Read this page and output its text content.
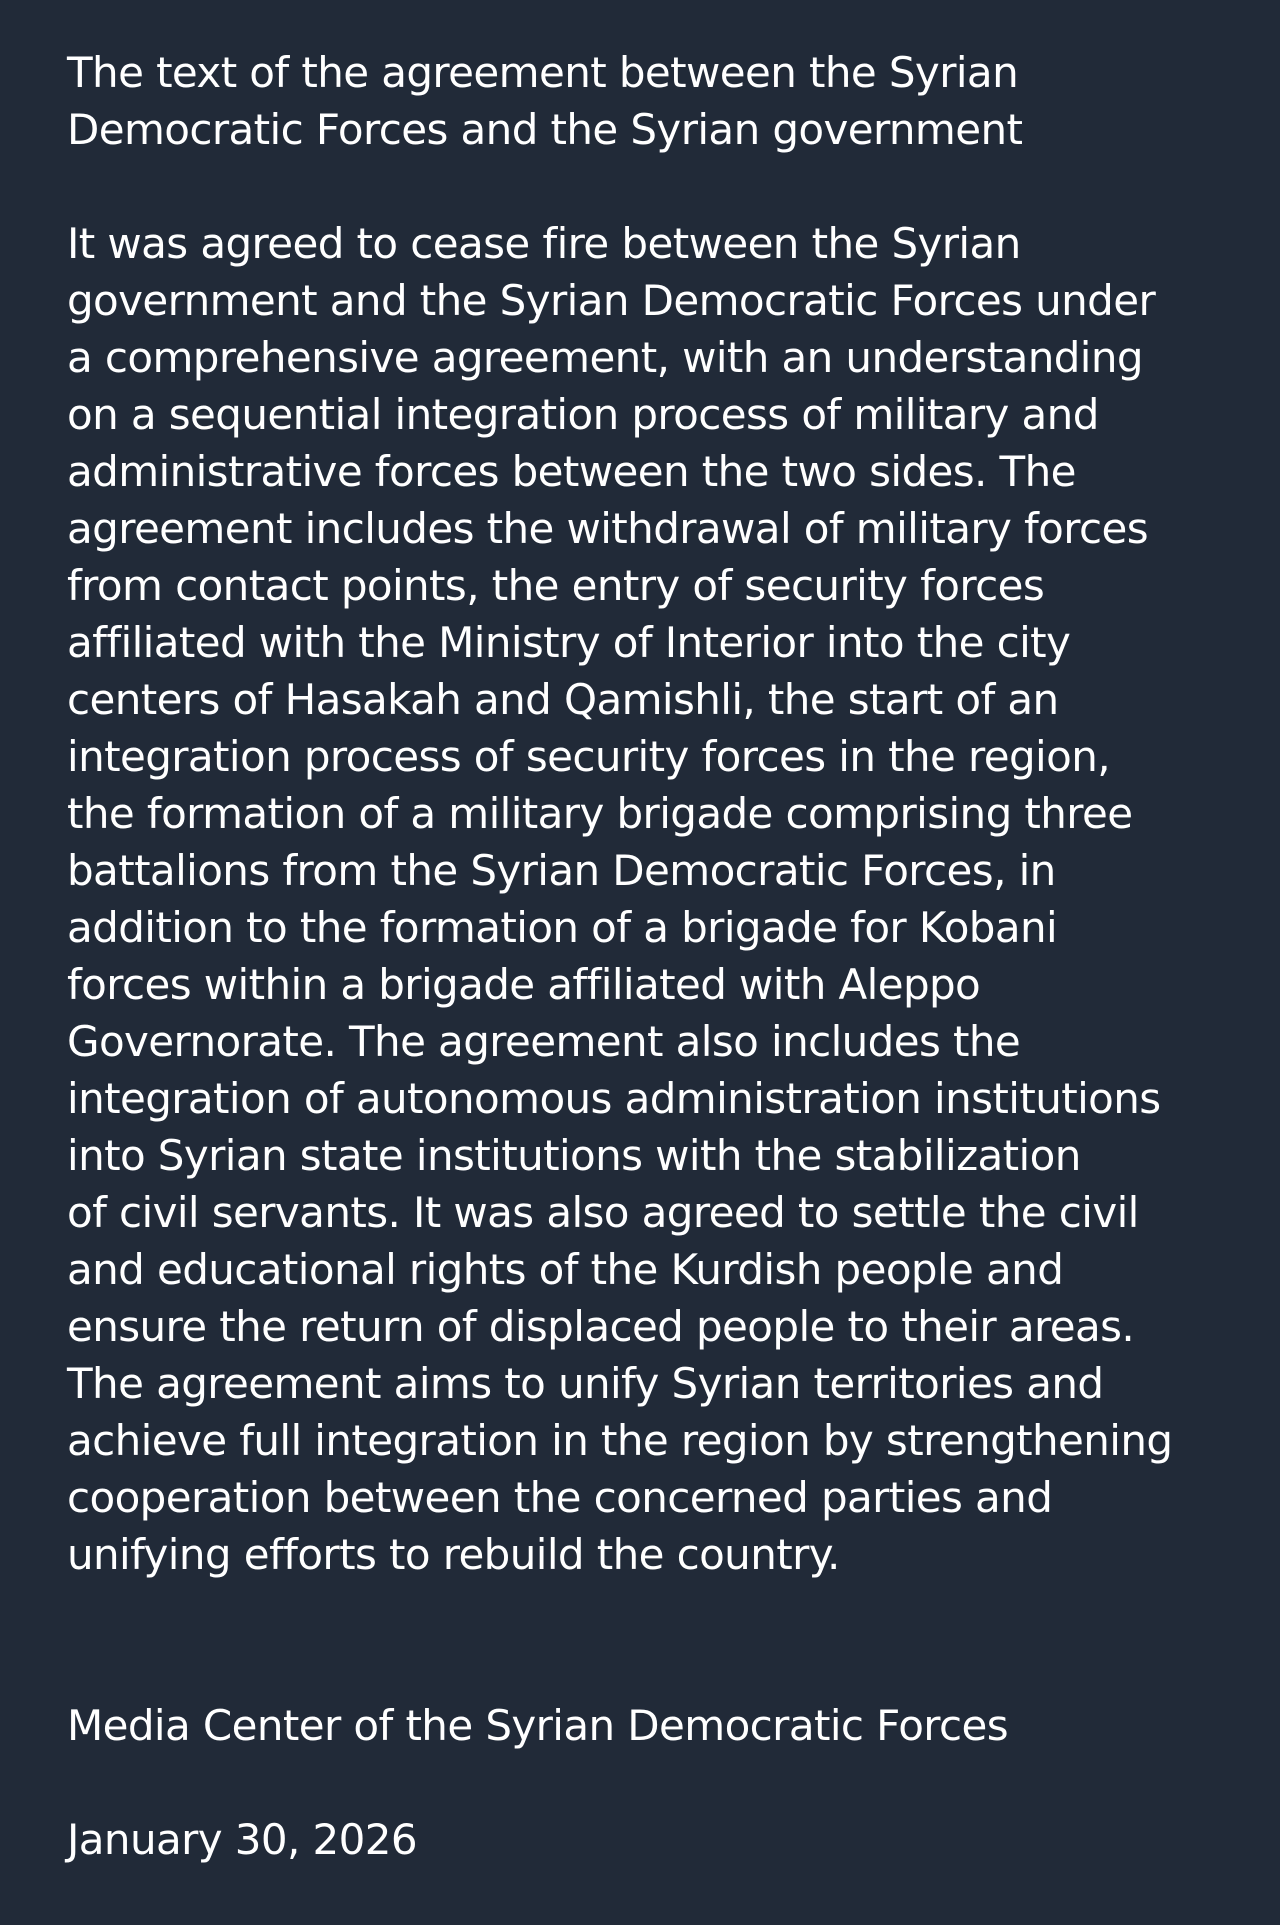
The text of the agreement between the Syrian
Democratic Forces and the Syrian government

It was agreed to cease fire between the Syrian
government and the Syrian Democratic Forces under
a comprehensive agreement, with an understanding
on a sequential integration process of military and
administrative forces between the two sides. The
agreement includes the withdrawal of military forces
from contact points, the entry of security forces
affiliated with the Ministry of Interior into the city
centers of Hasakah and Qamishli, the start of an
integration process of security forces in the region,
the formation of a military brigade comprising three
battalions from the Syrian Democratic Forces, in
addition to the formation of a brigade for Kobani
forces within a brigade affiliated with Aleppo
Governorate. The agreement also includes the
integration of autonomous administration institutions
into Syrian state institutions with the stabilization
of civil servants. It was also agreed to settle the civil
and educational rights of the Kurdish people and
ensure the return of displaced people to their areas.
The agreement aims to unify Syrian territories and
achieve full integration in the region by strengthening
cooperation between the concerned parties and
unifying efforts to rebuild the country.

Media Center of the Syrian Democratic Forces

January 30, 2026
